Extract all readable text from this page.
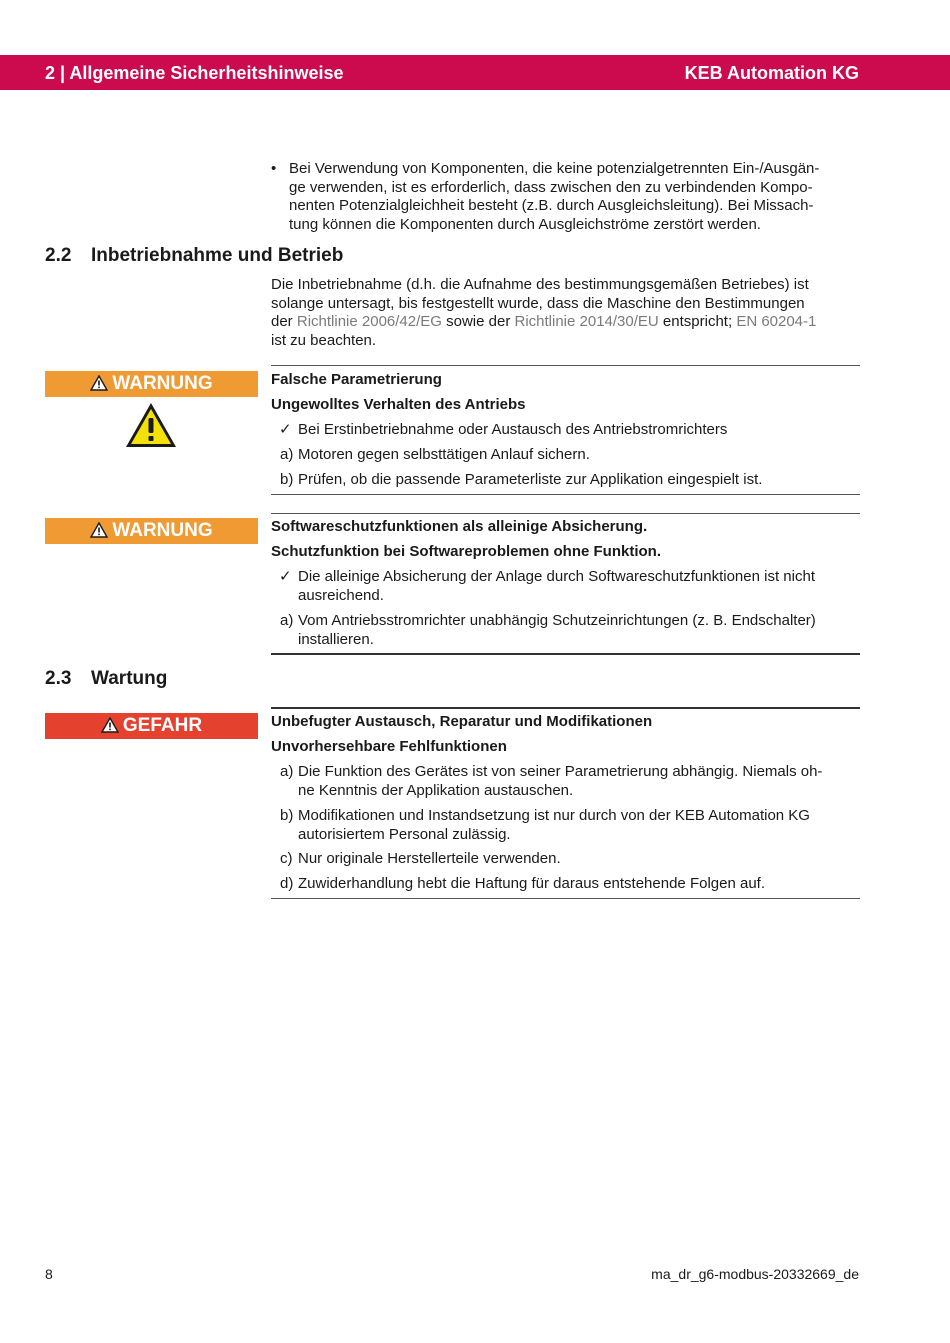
2 | Allgemeine Sicherheitshinweise	KEB Automation KG
• Bei Verwendung von Komponenten, die keine potenzialgetrennten Ein-/Ausgän-
ge verwenden, ist es erforderlich, dass zwischen den zu verbindenden Kompo-
nenten Potenzialgleichheit besteht (z.B. durch Ausgleichsleitung). Bei Missach-
tung können die Komponenten durch Ausgleichströme zerstört werden.
2.2 Inbetriebnahme und Betrieb
Die Inbetriebnahme (d.h. die Aufnahme des bestimmungsgemäßen Betriebes) ist
solange untersagt, bis festgestellt wurde, dass die Maschine den Bestimmungen
der Richtlinie 2006/42/EG sowie der Richtlinie 2014/30/EU entspricht; EN 60204-1
ist zu beachten.
WARNUNG	Falsche Parametrierung
Ungewolltes Verhalten des Antriebs
✓ Bei Erstinbetriebnahme oder Austausch des Antriebstromrichters
a) Motoren gegen selbsttätigen Anlauf sichern.
b) Prüfen, ob die passende Parameterliste zur Applikation eingespielt ist.
WARNUNG	Softwareschutzfunktionen als alleinige Absicherung.
Schutzfunktion bei Softwareproblemen ohne Funktion.
✓ Die alleinige Absicherung der Anlage durch Softwareschutzfunktionen ist nicht
ausreichend.
a) Vom Antriebsstromrichter unabhängig Schutzeinrichtungen (z. B. Endschalter)
installieren.
2.3 Wartung
GEFAHR	Unbefugter Austausch, Reparatur und Modifikationen
Unvorhersehbare Fehlfunktionen
a) Die Funktion des Gerätes ist von seiner Parametrierung abhängig. Niemals oh-
ne Kenntnis der Applikation austauschen.
b) Modifikationen und Instandsetzung ist nur durch von der KEB Automation KG
autorisiertem Personal zulässig.
c) Nur originale Herstellerteile verwenden.
d) Zuwiderhandlung hebt die Haftung für daraus entstehende Folgen auf.
8	ma_dr_g6-modbus-20332669_de
